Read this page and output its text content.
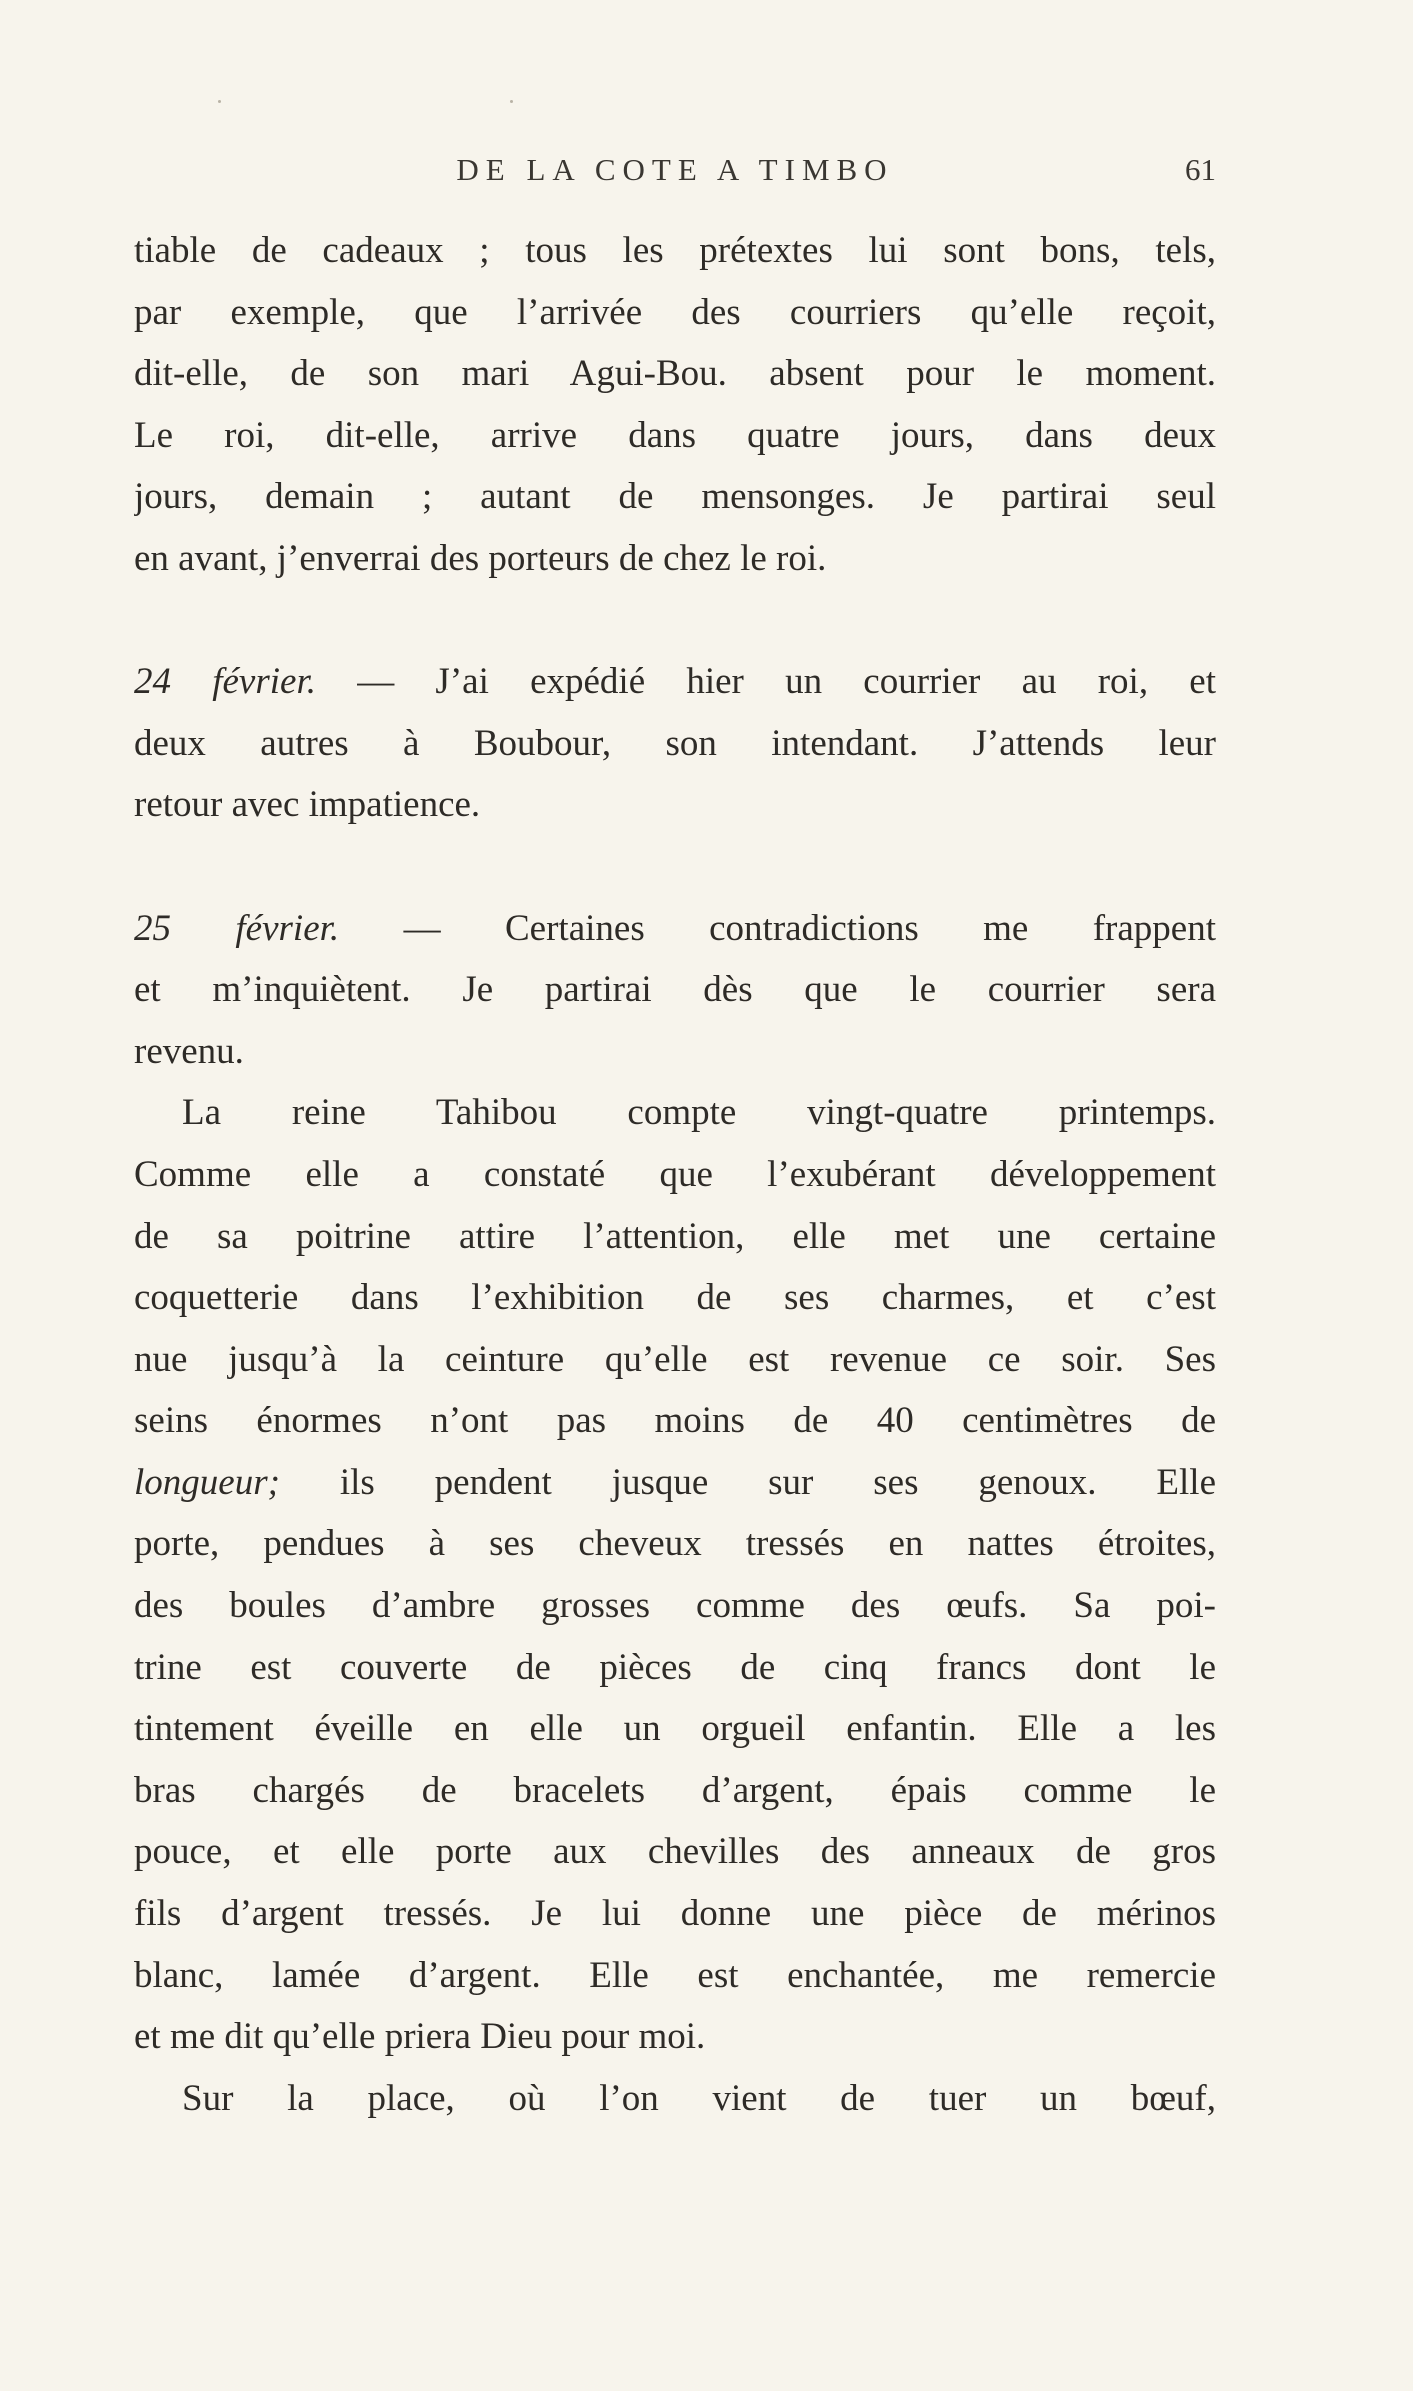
DE LA COTE A TIMBO	61
tiable de cadeaux ; tous les prétextes lui sont bons, tels,
par exemple, que l’arrivée des courriers qu’elle reçoit,
dit-elle, de son mari Agui-Bou. absent pour le moment.
Le roi, dit-elle, arrive dans quatre jours, dans deux
jours, demain ; autant de mensonges. Je partirai seul
en avant, j’enverrai des porteurs de chez le roi.
24 février. — J’ai expédié hier un courrier au roi, et
deux autres à Boubour, son intendant. J’attends leur
retour avec impatience.
25 février. — Certaines contradictions me frappent
et m’inquiètent. Je partirai dès que le courrier sera
revenu.
La reine Tahibou compte vingt-quatre printemps.
Comme elle a constaté que l’exubérant développement
de sa poitrine attire l’attention, elle met une certaine
coquetterie dans l’exhibition de ses charmes, et c’est
nue jusqu’à la ceinture qu’elle est revenue ce soir. Ses
seins énormes n’ont pas moins de 40 centimètres de
longueur; ils pendent jusque sur ses genoux. Elle
porte, pendues à ses cheveux tressés en nattes étroites,
des boules d’ambre grosses comme des œufs. Sa poi-
trine est couverte de pièces de cinq francs dont le
tintement éveille en elle un orgueil enfantin. Elle a les
bras chargés de bracelets d’argent, épais comme le
pouce, et elle porte aux chevilles des anneaux de gros
fils d’argent tressés. Je lui donne une pièce de mérinos
blanc, lamée d’argent. Elle est enchantée, me remercie
et me dit qu’elle priera Dieu pour moi.
Sur la place, où l’on vient de tuer un bœuf,
